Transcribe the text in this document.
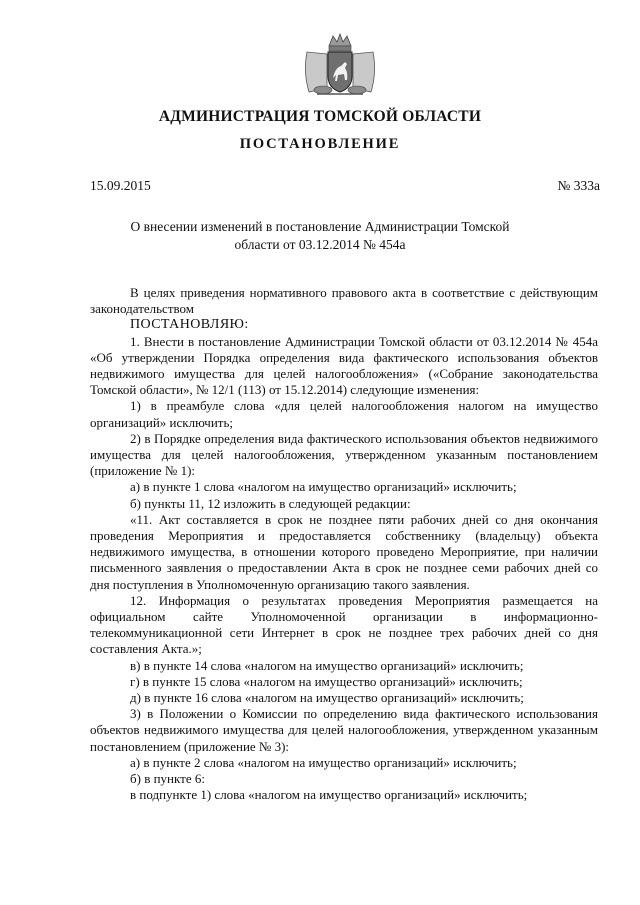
АДМИНИСТРАЦИЯ ТОМСКОЙ ОБЛАСТИ
ПОСТАНОВЛЕНИЕ
15.09.2015	№ 333а
О внесении изменений в постановление Администрации Томской области от 03.12.2014 № 454а

В целях приведения нормативного правового акта в соответствие с действующим законодательством

ПОСТАНОВЛЯЮ:

1. Внести в постановление Администрации Томской области от 03.12.2014 № 454а «Об утверждении Порядка определения вида фактического использования объектов недвижимого имущества для целей налогообложения» («Собрание законодательства Томской области», № 12/1 (113) от 15.12.2014) следующие изменения:

1) в преамбуле слова «для целей налогообложения налогом на имущество организаций» исключить;

2) в Порядке определения вида фактического использования объектов недвижимого имущества для целей налогообложения, утвержденном указанным постановлением (приложение № 1):

а) в пункте 1 слова «налогом на имущество организаций» исключить;

б) пункты 11, 12 изложить в следующей редакции:

«11. Акт составляется в срок не позднее пяти рабочих дней со дня окончания проведения Мероприятия и предоставляется собственнику (владельцу) объекта недвижимого имущества, в отношении которого проведено Мероприятие, при наличии письменного заявления о предоставлении Акта в срок не позднее семи рабочих дней со дня поступления в Уполномоченную организацию такого заявления.

12. Информация о результатах проведения Мероприятия размещается на официальном сайте Уполномоченной организации в информационно-телекоммуникационной сети Интернет в срок не позднее трех рабочих дней со дня составления Акта.»;

в) в пункте 14 слова «налогом на имущество организаций» исключить;

г) в пункте 15 слова «налогом на имущество организаций» исключить;

д) в пункте 16 слова «налогом на имущество организаций» исключить;

3) в Положении о Комиссии по определению вида фактического использования объектов недвижимого имущества для целей налогообложения, утвержденном указанным постановлением (приложение № 3):

а) в пункте 2 слова «налогом на имущество организаций» исключить;

б) в пункте 6:

в подпункте 1) слова «налогом на имущество организаций» исключить;
